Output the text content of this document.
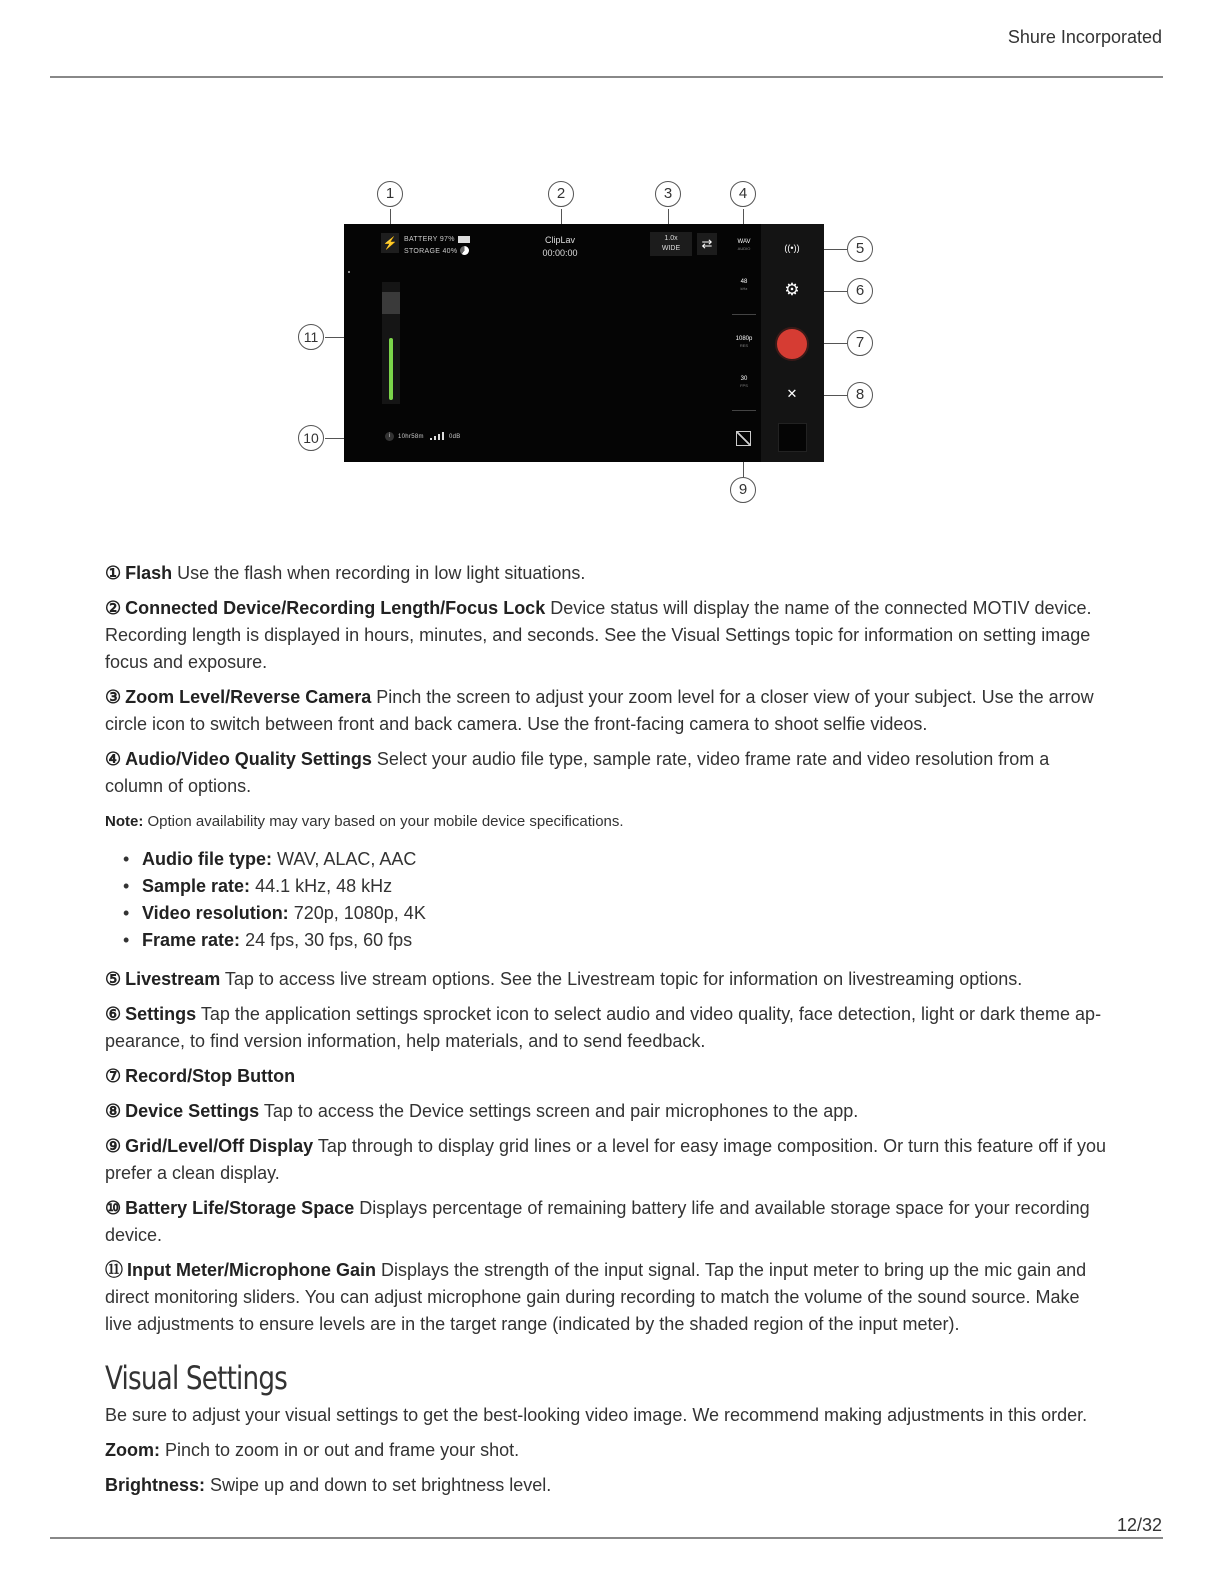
Shure Incorporated
⚡ BATTERY 97%
STORAGE 40%
ClipLav
00:00:00
1.0x
WIDE	⇄	WAV
AUDIO
48
kHz
1080p
RES
30
FPS
i	10hr58m	0dB
((•))
⚙
✕
1	2	3	4
5
6
7
8
9
10
11

① Flash Use the flash when recording in low light situations.

② Connected Device/Recording Length/Focus Lock Device status will display the name of the connected MOTIV device. Recording length is displayed in hours, minutes, and seconds. See the Visual Settings topic for information on setting image focus and exposure.

③ Zoom Level/Reverse Camera Pinch the screen to adjust your zoom level for a closer view of your subject. Use the arrow circle icon to switch between front and back camera. Use the front-facing camera to shoot selfie videos.

④ Audio/Video Quality Settings Select your audio file type, sample rate, video frame rate and video resolution from a column of options.

Note: Option availability may vary based on your mobile device specifications.

• Audio file type: WAV, ALAC, AAC
• Sample rate: 44.1 kHz, 48 kHz
• Video resolution: 720p, 1080p, 4K
• Frame rate: 24 fps, 30 fps, 60 fps

⑤ Livestream Tap to access live stream options. See the Livestream topic for information on livestreaming options.

⑥ Settings Tap the application settings sprocket icon to select audio and video quality, face detection, light or dark theme appearance, to find version information, help materials, and to send feedback.

⑦ Record/Stop Button

⑧ Device Settings Tap to access the Device settings screen and pair microphones to the app.

⑨ Grid/Level/Off Display Tap through to display grid lines or a level for easy image composition. Or turn this feature off if you prefer a clean display.

⑩ Battery Life/Storage Space Displays percentage of remaining battery life and available storage space for your recording device.

⑪ Input Meter/Microphone Gain Displays the strength of the input signal. Tap the input meter to bring up the mic gain and direct monitoring sliders. You can adjust microphone gain during recording to match the volume of the sound source. Make live adjustments to ensure levels are in the target range (indicated by the shaded region of the input meter).

Visual Settings

Be sure to adjust your visual settings to get the best-looking video image. We recommend making adjustments in this order.

Zoom: Pinch to zoom in or out and frame your shot.

Brightness: Swipe up and down to set brightness level.

12/32
